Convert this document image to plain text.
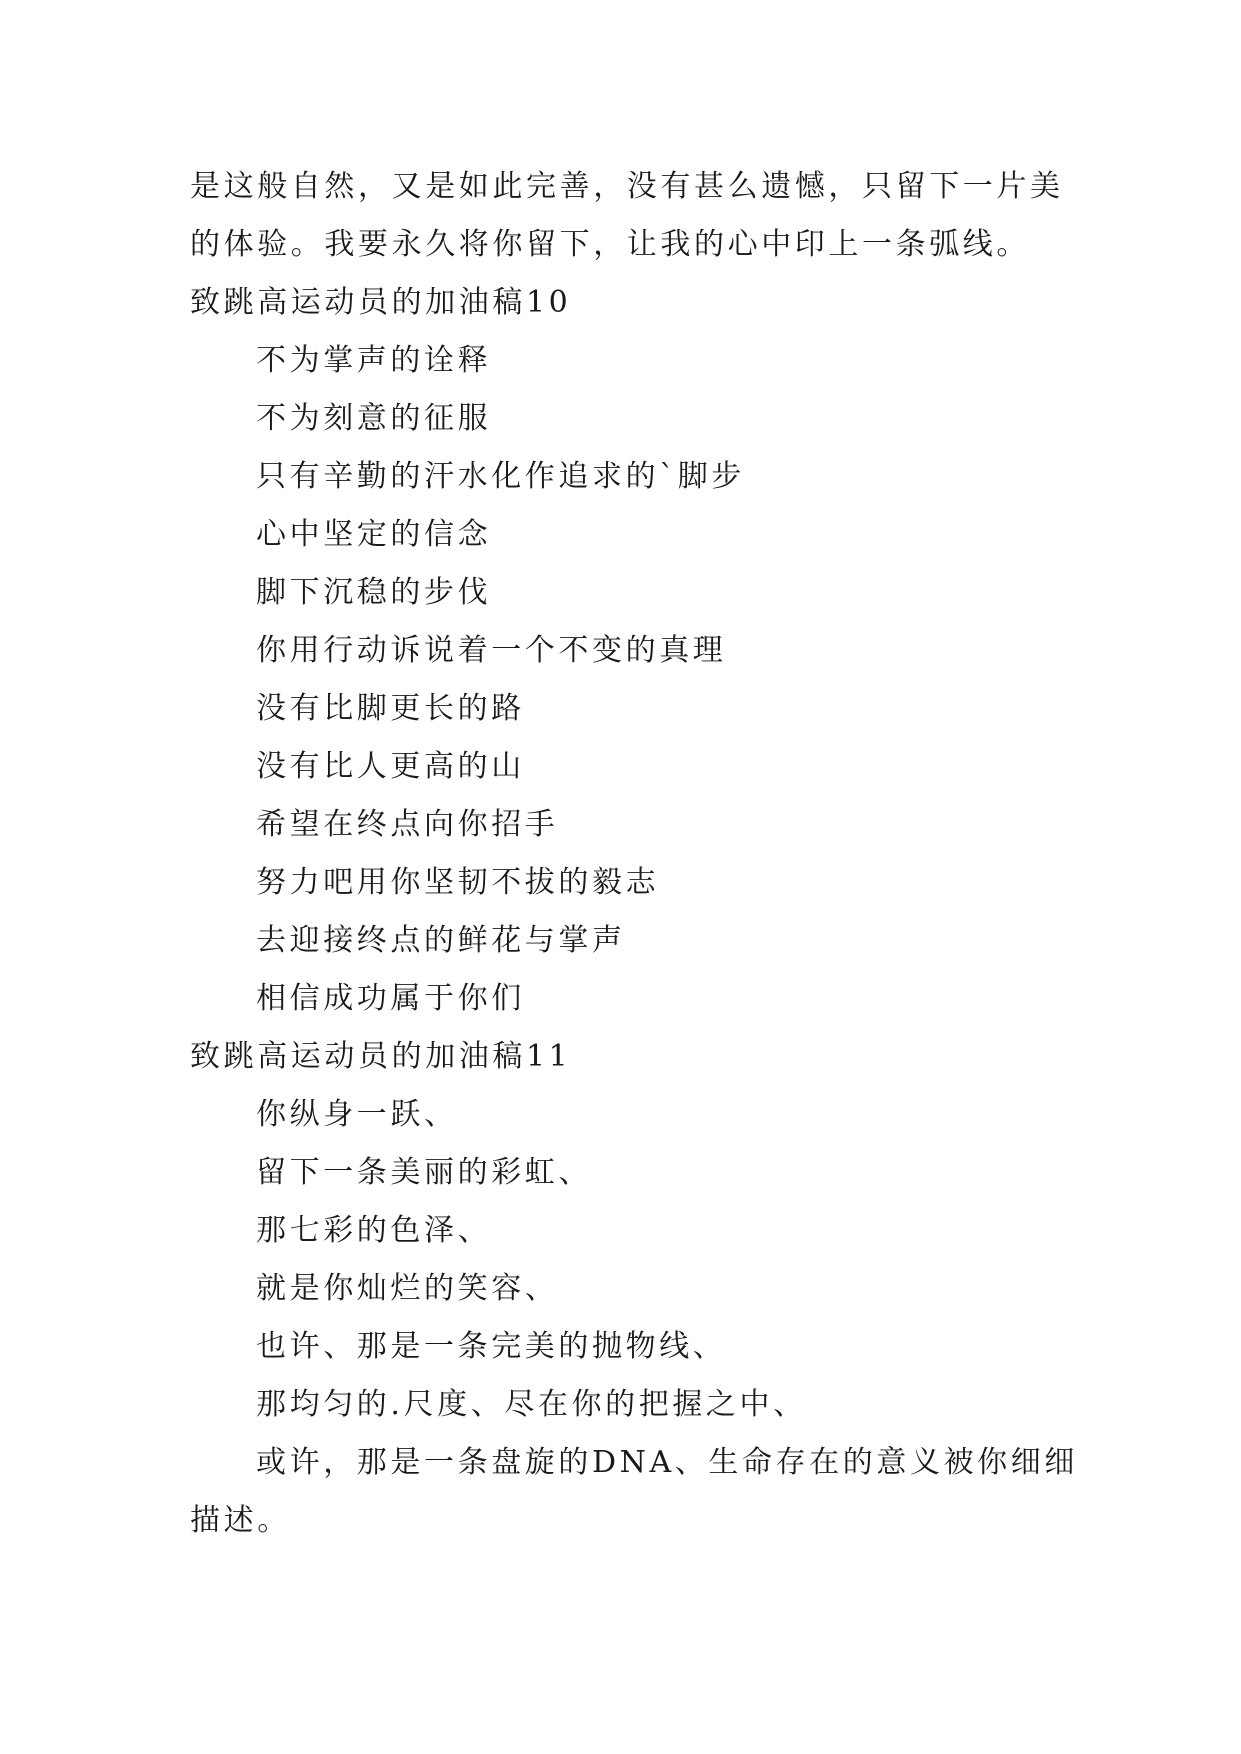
是这般自然，又是如此完善，没有甚么遗憾，只留下一片美
的体验。我要永久将你留下，让我的心中印上一条弧线。
致跳高运动员的加油稿10
不为掌声的诠释
不为刻意的征服
只有辛勤的汗水化作追求的`脚步
心中坚定的信念
脚下沉稳的步伐
你用行动诉说着一个不变的真理
没有比脚更长的路
没有比人更高的山
希望在终点向你招手
努力吧用你坚韧不拔的毅志
去迎接终点的鲜花与掌声
相信成功属于你们
致跳高运动员的加油稿11
你纵身一跃、
留下一条美丽的彩虹、
那七彩的色泽、
就是你灿烂的笑容、
也许、那是一条完美的抛物线、
那均匀的.尺度、尽在你的把握之中、
或许，那是一条盘旋的DNA、生命存在的意义被你细细
描述。
